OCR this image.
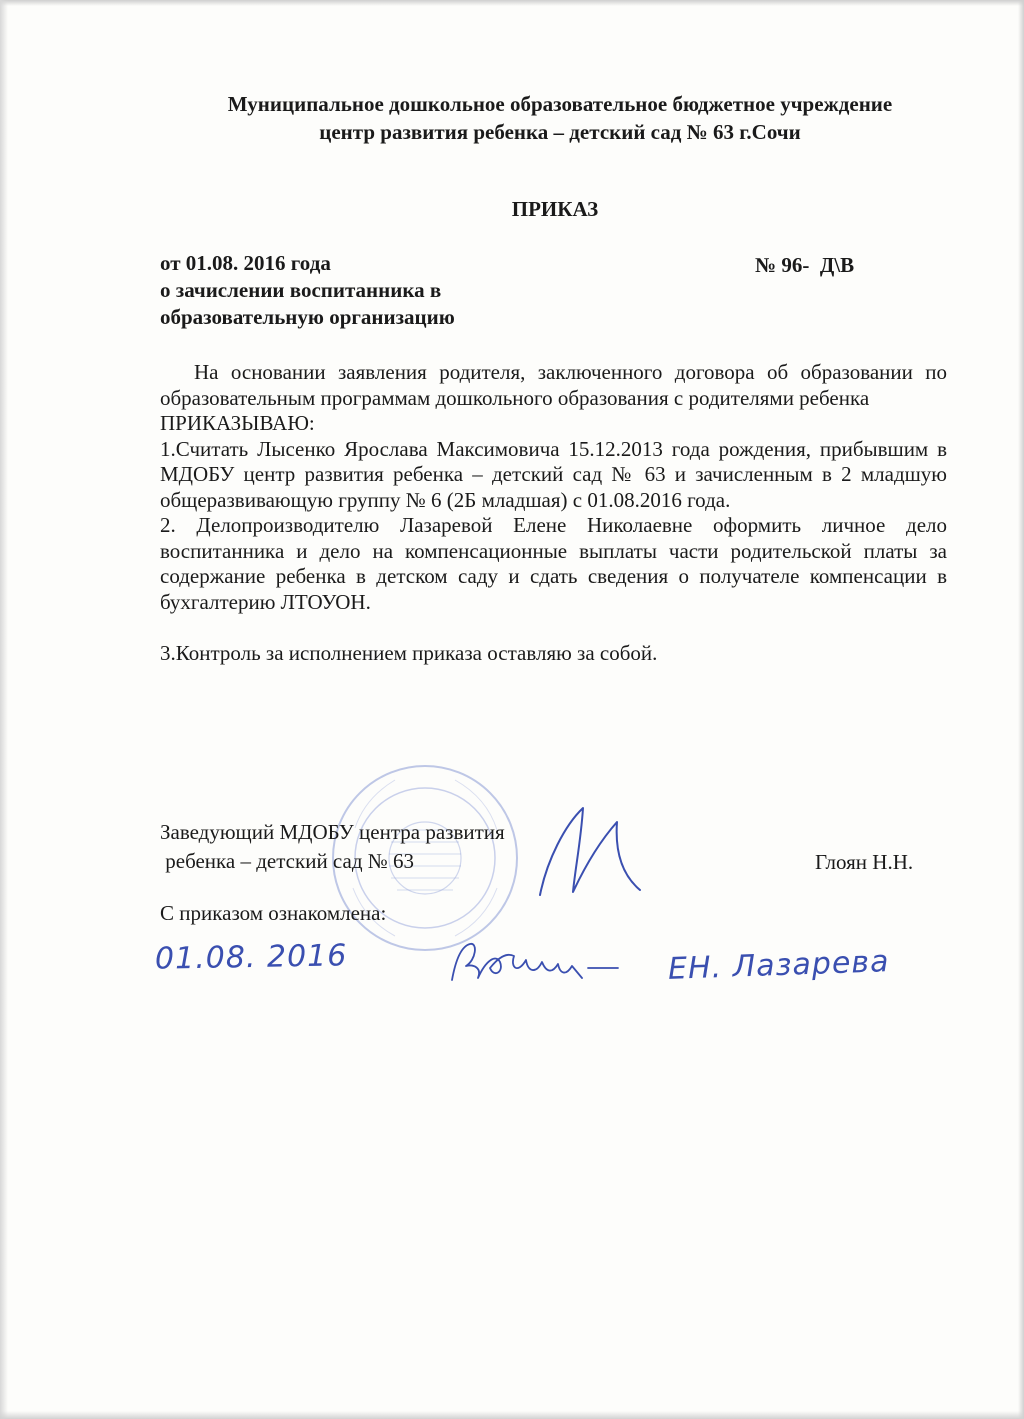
Муниципальное дошкольное образовательное бюджетное учреждение
центр развития ребенка – детский сад № 63 г.Сочи
ПРИКАЗ
от 01.08. 2016 года
о зачислении воспитанника в
образовательную организацию
№ 96-  Д\В

На основании заявления родителя, заключенного договора об образовании по образовательным программам дошкольного образования с родителями ребенка

ПРИКАЗЫВАЮ:

1.Считать Лысенко Ярослава Максимовича 15.12.2013 года рождения, прибывшим в МДОБУ центр развития ребенка – детский сад № 63 и зачисленным в 2 младшую общеразвивающую группу № 6 (2Б младшая) с 01.08.2016 года.

2. Делопроизводителю Лазаревой Елене Николаевне оформить личное дело воспитанника и дело на компенсационные выплаты части родительской платы за содержание ребенка в детском саду и сдать сведения о получателе компенсации в бухгалтерию ЛТОУОН.

3.Контроль за исполнением приказа оставляю за собой.

Заведующий МДОБУ центра развития
ребенка – детский сад № 63	Глоян Н.Н.
С приказом ознакомлена:
01.08. 2016	ЕН. Лазарева
